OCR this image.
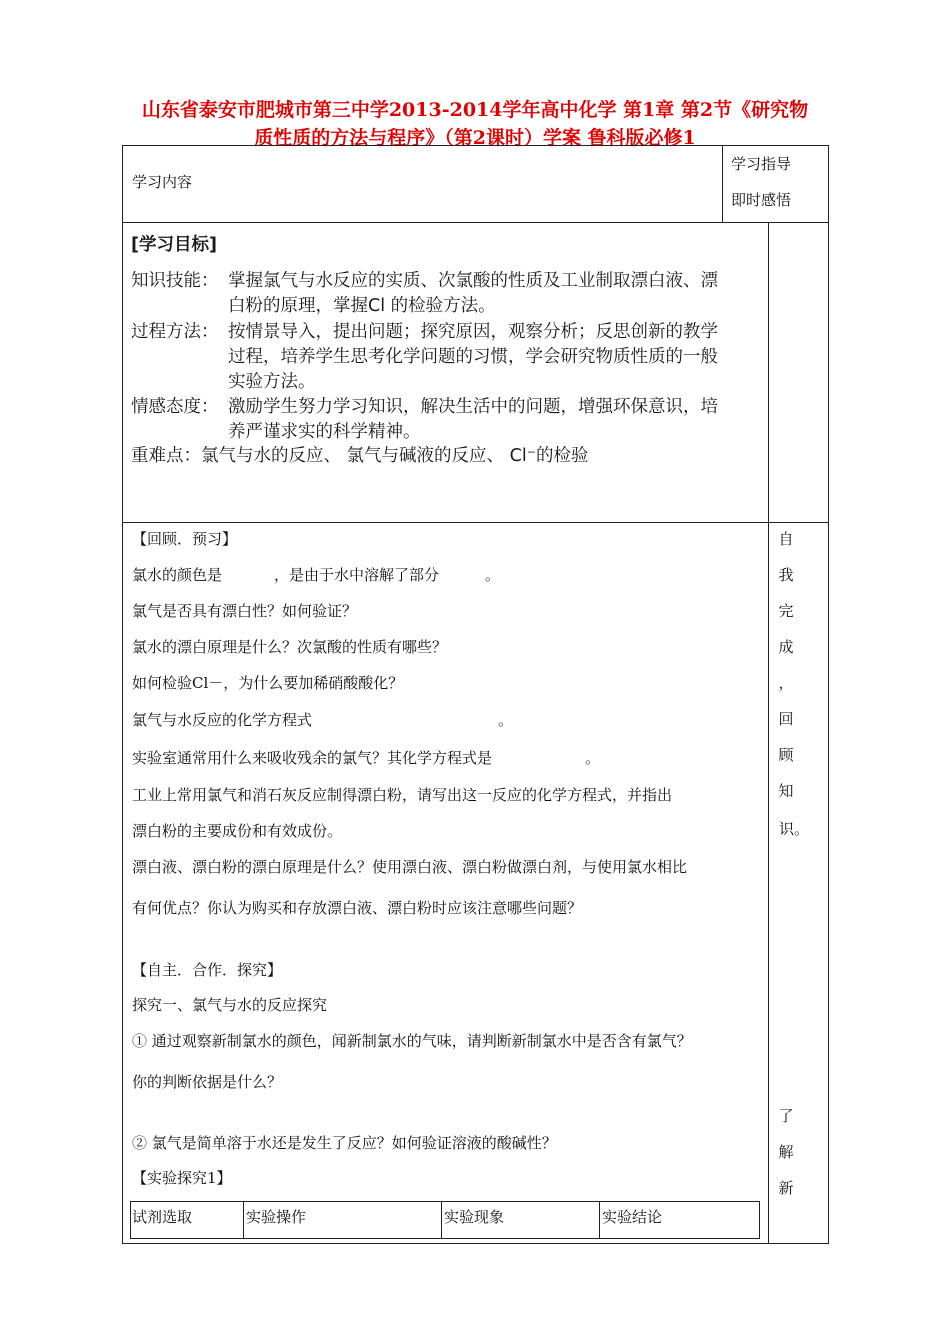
山东省泰安市肥城市第三中学2013-2014学年高中化学 第1章 第2节《研究物
质性质的方法与程序》（第2课时）学案 鲁科版必修1
学习内容
学习指导
即时感悟
[学习目标]
知识技能： 掌握氯气与水反应的实质、次氯酸的性质及工业制取漂白液、漂
白粉的原理，掌握Cl 的检验方法。
过程方法： 按情景导入，提出问题；探究原因，观察分析；反思创新的教学
过程，培养学生思考化学问题的习惯，学会研究物质性质的一般
实验方法。
情感态度： 激励学生努力学习知识，解决生活中的问题，增强环保意识，培
养严谨求实的科学精神。
重难点：氯气与水的反应、 氯气与碱液的反应、 Cl⁻的检验
【回顾．预习】
氯水的颜色是	，是由于水中溶解了部分	。
氯气是否具有漂白性？如何验证？
氯水的漂白原理是什么？次氯酸的性质有哪些？
如何检验Cl－，为什么要加稀硝酸酸化？
氯气与水反应的化学方程式	。
实验室通常用什么来吸收残余的氯气？其化学方程式是	。
工业上常用氯气和消石灰反应制得漂白粉，请写出这一反应的化学方程式，并指出
漂白粉的主要成份和有效成份。
漂白液、漂白粉的漂白原理是什么？使用漂白液、漂白粉做漂白剂，与使用氯水相比
有何优点？你认为购买和存放漂白液、漂白粉时应该注意哪些问题？
【自主．合作．探究】
探究一、氯气与水的反应探究
① 通过观察新制氯水的颜色，闻新制氯水的气味，请判断新制氯水中是否含有氯气？
你的判断依据是什么？
② 氯气是简单溶于水还是发生了反应？如何验证溶液的酸碱性？
【实验探究1】
试剂选取	实验操作	实验现象	实验结论
自
我
完
成
，
回
顾
知
识。
了
解
新
